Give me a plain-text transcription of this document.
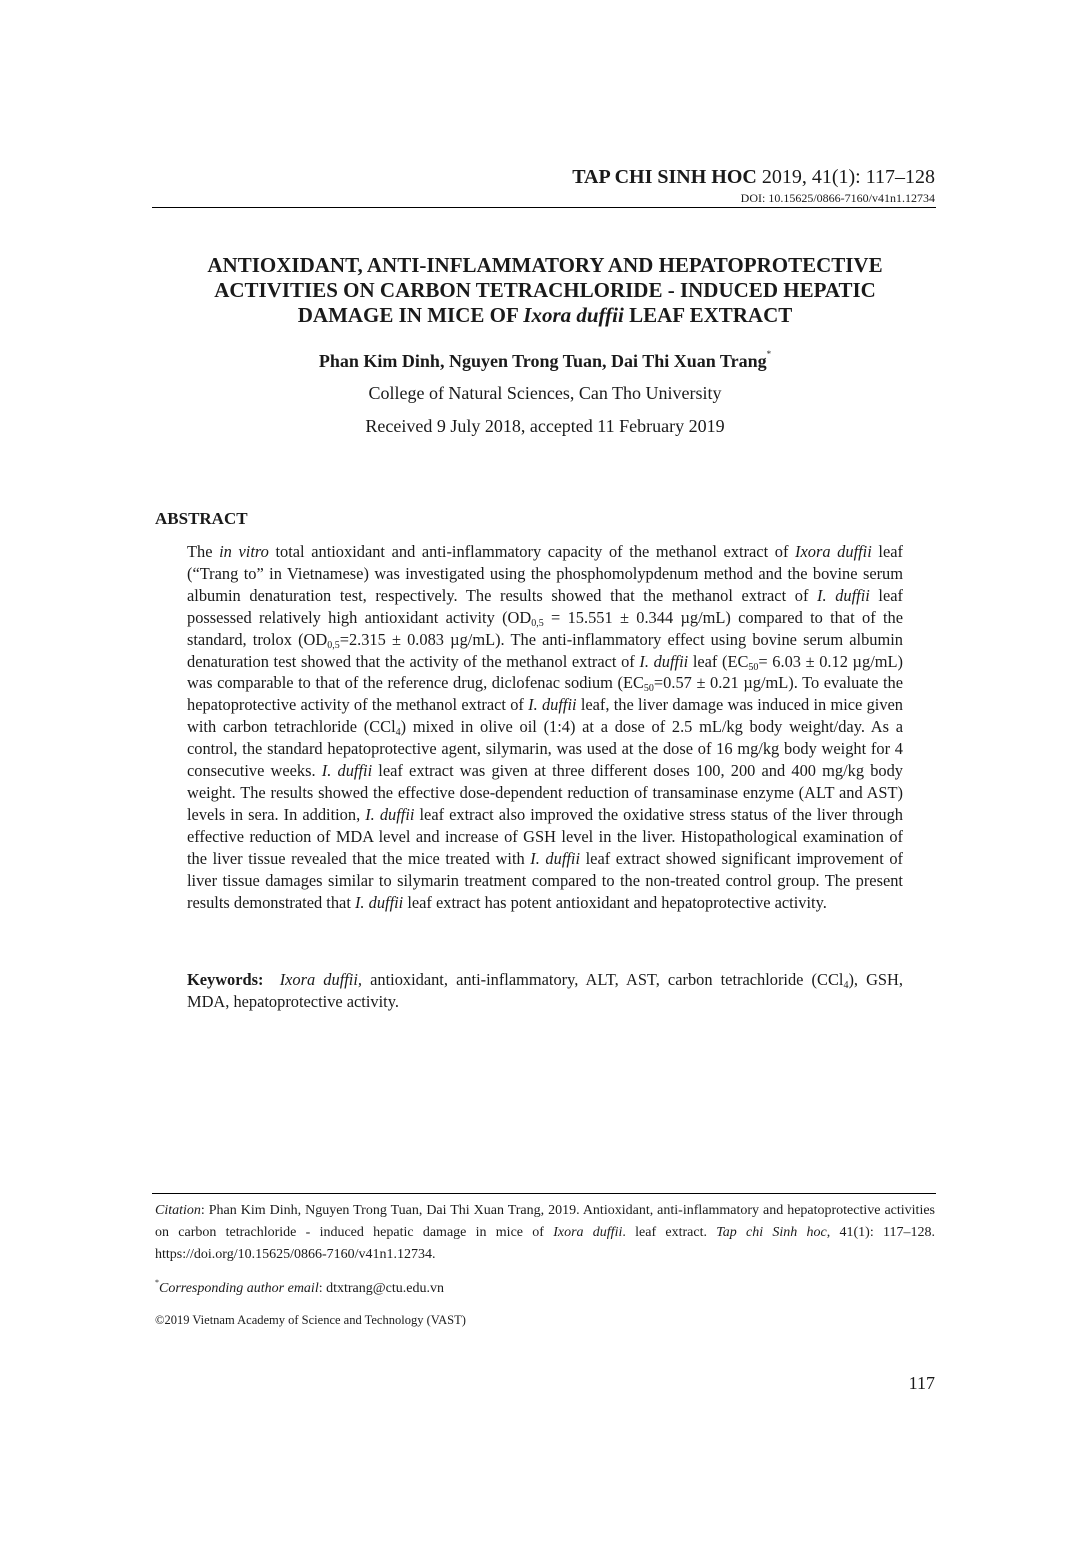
TAP CHI SINH HOC 2019, 41(1): 117–128
DOI: 10.15625/0866-7160/v41n1.12734
ANTIOXIDANT, ANTI-INFLAMMATORY AND HEPATOPROTECTIVE
ACTIVITIES ON CARBON TETRACHLORIDE - INDUCED HEPATIC
DAMAGE IN MICE OF Ixora duffii LEAF EXTRACT
Phan Kim Dinh, Nguyen Trong Tuan, Dai Thi Xuan Trang*
College of Natural Sciences, Can Tho University
Received 9 July 2018, accepted 11 February 2019
ABSTRACT

The in vitro total antioxidant and anti-inflammatory capacity of the methanol extract of Ixora duffii leaf (“Trang to” in Vietnamese) was investigated using the phosphomolypdenum method and the bovine serum albumin denaturation test, respectively. The results showed that the methanol extract of I. duffii leaf possessed relatively high antioxidant activity ($OD_{0,5} = 15.551 \pm 0.344$ µg/mL) compared to that of the standard, trolox ($OD_{0,5}=2.315 \pm 0.083$ µg/mL). The anti-inflammatory effect using bovine serum albumin denaturation test showed that the activity of the methanol extract of I. duffii leaf ($EC_{50}= 6.03 \pm 0.12$ µg/mL) was comparable to that of the reference drug, diclofenac sodium ($EC_{50}=0.57 \pm 0.21$ µg/mL). To evaluate the hepatoprotective activity of the methanol extract of I. duffii leaf, the liver damage was induced in mice given with carbon tetrachloride (CCl$_4$) mixed in olive oil (1:4) at a dose of 2.5 mL/kg body weight/day. As a control, the standard hepatoprotective agent, silymarin, was used at the dose of 16 mg/kg body weight for 4 consecutive weeks. I. duffii leaf extract was given at three different doses 100, 200 and 400 mg/kg body weight. The results showed the effective dose-dependent reduction of transaminase enzyme (ALT and AST) levels in sera. In addition, I. duffii leaf extract also improved the oxidative stress status of the liver through effective reduction of MDA level and increase of GSH level in the liver. Histopathological examination of the liver tissue revealed that the mice treated with I. duffii leaf extract showed significant improvement of liver tissue damages similar to silymarin treatment compared to the non-treated control group. The present results demonstrated that I. duffii leaf extract has potent antioxidant and hepatoprotective activity.

Keywords: Ixora duffii, antioxidant, anti-inflammatory, ALT, AST, carbon tetrachloride (CCl$_4$), GSH, MDA, hepatoprotective activity.
Citation: Phan Kim Dinh, Nguyen Trong Tuan, Dai Thi Xuan Trang, 2019. Antioxidant, anti-inflammatory and hepatoprotective activities on carbon tetrachloride - induced hepatic damage in mice of Ixora duffii. leaf extract. Tap chi Sinh hoc, 41(1): 117–128. https://doi.org/10.15625/0866-7160/v41n1.12734.
*Corresponding author email: dtxtrang@ctu.edu.vn
©2019 Vietnam Academy of Science and Technology (VAST)
117
